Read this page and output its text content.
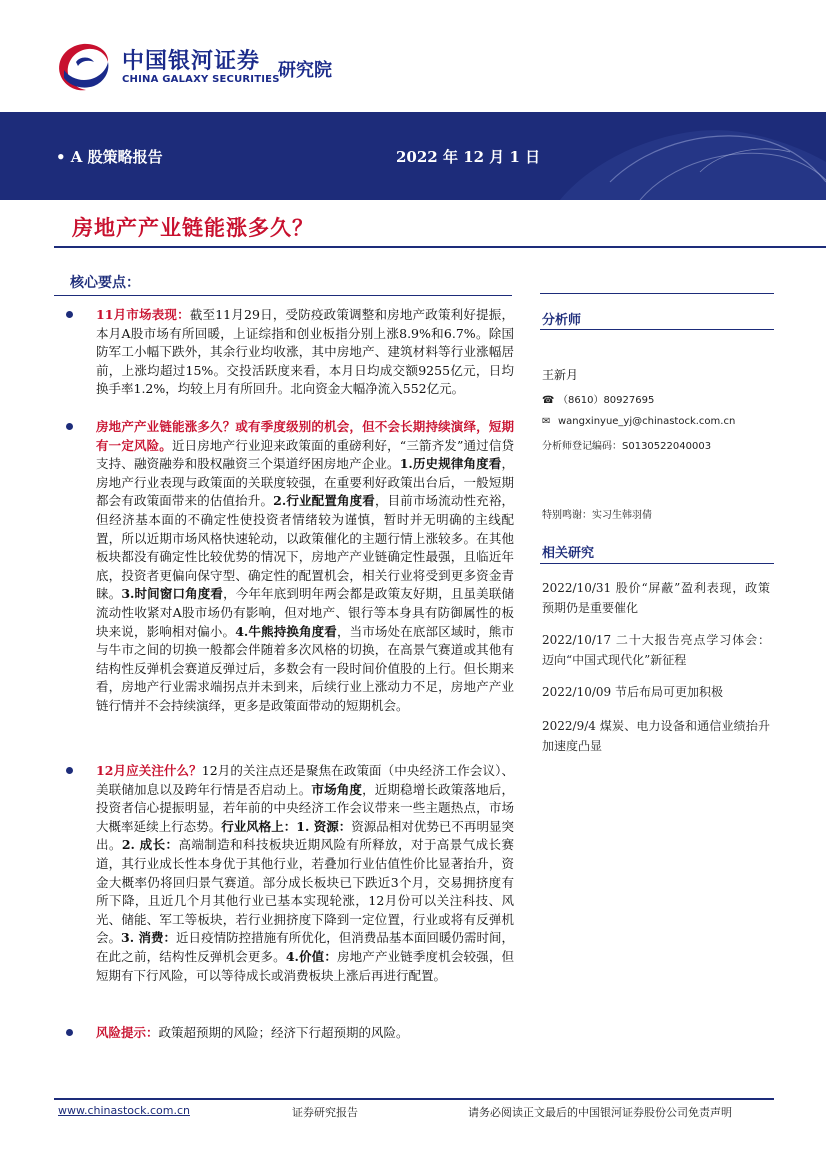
中国银河证券
CHINA GALAXY SECURITIES
研究院
• A 股策略报告	2022 年 12 月 1 日
房地产产业链能涨多久？
核心要点：
11月市场表现：截至11月29日，受防疫政策调整和房地产政策利好提振，本月A股市场有所回暖，上证综指和创业板指分别上涨8.9%和6.7%。除国防军工小幅下跌外，其余行业均收涨，其中房地产、建筑材料等行业涨幅居前，上涨均超过15%。交投活跃度来看，本月日均成交额9255亿元，日均换手率1.2%，均较上月有所回升。北向资金大幅净流入552亿元。
房地产产业链能涨多久？或有季度级别的机会，但不会长期持续演绎，短期有一定风险。近日房地产行业迎来政策面的重磅利好，“三箭齐发”通过信贷支持、融资融券和股权融资三个渠道纾困房地产企业。1.历史规律角度看，房地产行业表现与政策面的关联度较强，在重要利好政策出台后，一般短期都会有政策面带来的估值抬升。2.行业配置角度看，目前市场流动性充裕，但经济基本面的不确定性使投资者情绪较为谨慎，暂时并无明确的主线配置，所以近期市场风格快速轮动，以政策催化的主题行情上涨较多。在其他板块都没有确定性比较优势的情况下，房地产产业链确定性最强，且临近年底，投资者更偏向保守型、确定性的配置机会，相关行业将受到更多资金青睐。3.时间窗口角度看，今年年底到明年两会都是政策友好期，且虽美联储流动性收紧对A股市场仍有影响，但对地产、银行等本身具有防御属性的板块来说，影响相对偏小。4.牛熊持换角度看，当市场处在底部区域时，熊市与牛市之间的切换一般都会伴随着多次风格的切换，在高景气赛道或其他有结构性反弹机会赛道反弹过后，多数会有一段时间价值股的上行。但长期来看，房地产行业需求端拐点并未到来，后续行业上涨动力不足，房地产产业链行情并不会持续演绎，更多是政策面带动的短期机会。
12月应关注什么？12月的关注点还是聚焦在政策面（中央经济工作会议）、美联储加息以及跨年行情是否启动上。市场角度，近期稳增长政策落地后，投资者信心提振明显，若年前的中央经济工作会议带来一些主题热点，市场大概率延续上行态势。行业风格上：1. 资源：资源品相对优势已不再明显突出。2. 成长：高端制造和科技板块近期风险有所释放，对于高景气成长赛道，其行业成长性本身优于其他行业，若叠加行业估值性价比显著抬升，资金大概率仍将回归景气赛道。部分成长板块已下跌近3个月，交易拥挤度有所下降，且近几个月其他行业已基本实现轮涨，12月份可以关注科技、风光、储能、军工等板块，若行业拥挤度下降到一定位置，行业或将有反弹机会。3. 消费：近日疫情防控措施有所优化，但消费品基本面回暖仍需时间，在此之前，结构性反弹机会更多。4.价值：房地产产业链季度机会较强，但短期有下行风险，可以等待成长或消费板块上涨后再进行配置。
风险提示：政策超预期的风险；经济下行超预期的风险。
分析师
王新月
☎ （8610）80927695
✉ wangxinyue_yj@chinastock.com.cn
分析师登记编码：S0130522040003
特别鸣谢：实习生韩羽倩
相关研究
2022/10/31 股价“屏蔽”盈利表现，政策预期仍是重要催化
2022/10/17 二十大报告亮点学习体会：迈向“中国式现代化”新征程
2022/10/09 节后布局可更加积极
2022/9/4 煤炭、电力设备和通信业绩抬升加速度凸显
www.chinastock.com.cn	证券研究报告	请务必阅读正文最后的中国银河证券股份公司免责声明
